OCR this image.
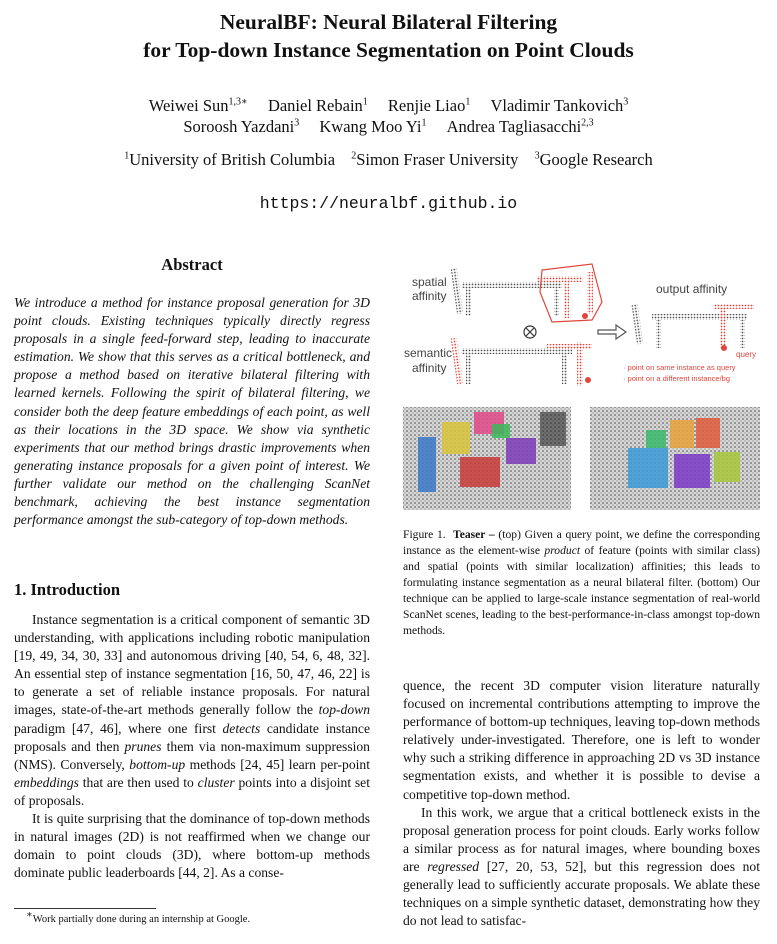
NeuralBF: Neural Bilateral Filtering
for Top-down Instance Segmentation on Point Clouds
Weiwei Sun$^{1,3∗}$ Daniel Rebain$^1$ Renjie Liao$^1$ Vladimir Tankovich$^3$
Soroosh Yazdani$^3$ Kwang Moo Yi$^1$ Andrea Tagliasacchi$^{2,3}$
$^1$University of British Columbia $^2$Simon Fraser University $^3$Google Research
https://neuralbf.github.io
Abstract
We introduce a method for instance proposal generation for 3D point clouds. Existing techniques typically directly regress proposals in a single feed-forward step, leading to inaccurate estimation. We show that this serves as a critical bottleneck, and propose a method based on iterative bilateral filtering with learned kernels. Following the spirit of bilateral filtering, we consider both the deep feature embeddings of each point, as well as their locations in the 3D space. We show via synthetic experiments that our method brings drastic improvements when generating instance proposals for a given point of interest. We further validate our method on the challenging ScanNet benchmark, achieving the best instance segmentation performance amongst the sub-category of top-down methods.
1. Introduction

Instance segmentation is a critical component of semantic 3D understanding, with applications including robotic manipulation [19, 49, 34, 30, 33] and autonomous driving [40, 54, 6, 48, 32]. An essential step of instance segmentation [16, 50, 47, 46, 22] is to generate a set of reliable instance proposals. For natural images, state-of-the-art methods generally follow the top-down paradigm [47, 46], where one first detects candidate instance proposals and then prunes them via non-maximum suppression (NMS). Conversely, bottom-up methods [24, 45] learn per-point embeddings that are then used to cluster points into a disjoint set of proposals.

It is quite surprising that the dominance of top-down methods in natural images (2D) is not reaffirmed when we change our domain to point clouds (3D), where bottom-up methods dominate public leaderboards [44, 2]. As a conse-

∗Work partially done during an internship at Google.
spatial
affinity
semantic
affinity
output affinity
query
· point on same instance as query
· point on a different instance/bg
Figure 1. Teaser – (top) Given a query point, we define the corresponding instance as the element-wise product of feature (points with similar class) and spatial (points with similar localization) affinities; this leads to formulating instance segmentation as a neural bilateral filter. (bottom) Our technique can be applied to large-scale instance segmentation of real-world ScanNet scenes, leading to the best-performance-in-class amongst top-down methods.

quence, the recent 3D computer vision literature naturally focused on incremental contributions attempting to improve the performance of bottom-up techniques, leaving top-down methods relatively under-investigated. Therefore, one is left to wonder why such a striking difference in approaching 2D vs 3D instance segmentation exists, and whether it is possible to devise a competitive top-down method.

In this work, we argue that a critical bottleneck exists in the proposal generation process for point clouds. Early works follow a similar process as for natural images, where bounding boxes are regressed [27, 20, 53, 52], but this regression does not generally lead to sufficiently accurate proposals. We ablate these techniques on a simple synthetic dataset, demonstrating how they do not lead to satisfac-
